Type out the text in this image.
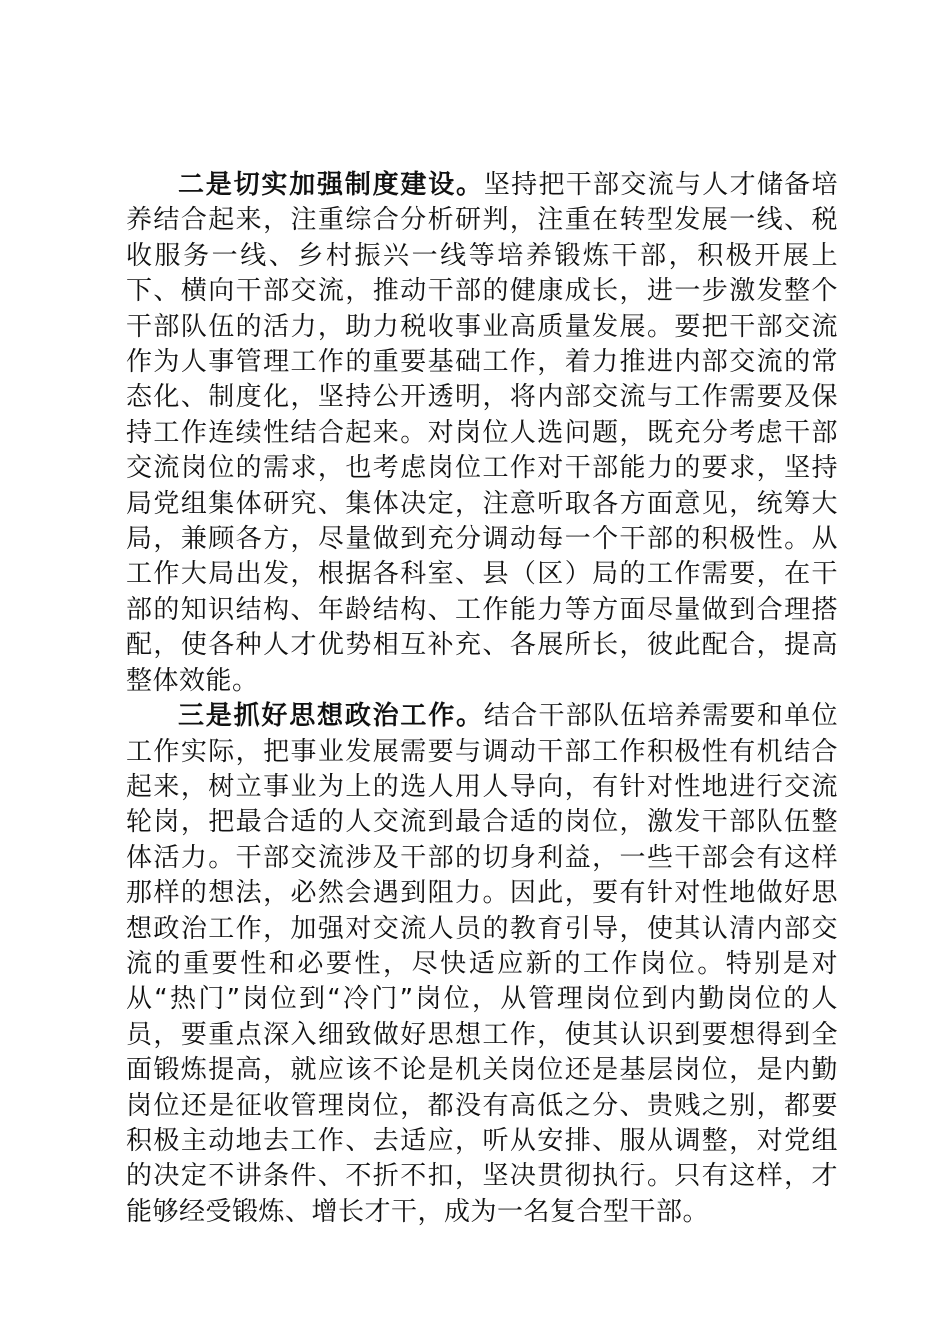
二是切实加强制度建设。坚持把干部交流与人才储备培养结合起来，注重综合分析研判，注重在转型发展一线、税收服务一线、乡村振兴一线等培养锻炼干部，积极开展上下、横向干部交流，推动干部的健康成长，进一步激发整个干部队伍的活力，助力税收事业高质量发展。要把干部交流作为人事管理工作的重要基础工作，着力推进内部交流的常态化、制度化，坚持公开透明，将内部交流与工作需要及保持工作连续性结合起来。对岗位人选问题，既充分考虑干部交流岗位的需求，也考虑岗位工作对干部能力的要求，坚持局党组集体研究、集体决定，注意听取各方面意见，统筹大局，兼顾各方，尽量做到充分调动每一个干部的积极性。从工作大局出发，根据各科室、县（区）局的工作需要，在干部的知识结构、年龄结构、工作能力等方面尽量做到合理搭配，使各种人才优势相互补充、各展所长，彼此配合，提高整体效能。

三是抓好思想政治工作。结合干部队伍培养需要和单位工作实际，把事业发展需要与调动干部工作积极性有机结合起来，树立事业为上的选人用人导向，有针对性地进行交流轮岗，把最合适的人交流到最合适的岗位，激发干部队伍整体活力。干部交流涉及干部的切身利益，一些干部会有这样那样的想法，必然会遇到阻力。因此，要有针对性地做好思想政治工作，加强对交流人员的教育引导，使其认清内部交流的重要性和必要性，尽快适应新的工作岗位。特别是对从“热门”岗位到“冷门”岗位，从管理岗位到内勤岗位的人员，要重点深入细致做好思想工作，使其认识到要想得到全面锻炼提高，就应该不论是机关岗位还是基层岗位，是内勤岗位还是征收管理岗位，都没有高低之分、贵贱之别，都要积极主动地去工作、去适应，听从安排、服从调整，对党组的决定不讲条件、不折不扣，坚决贯彻执行。只有这样，才能够经受锻炼、增长才干，成为一名复合型干部。
